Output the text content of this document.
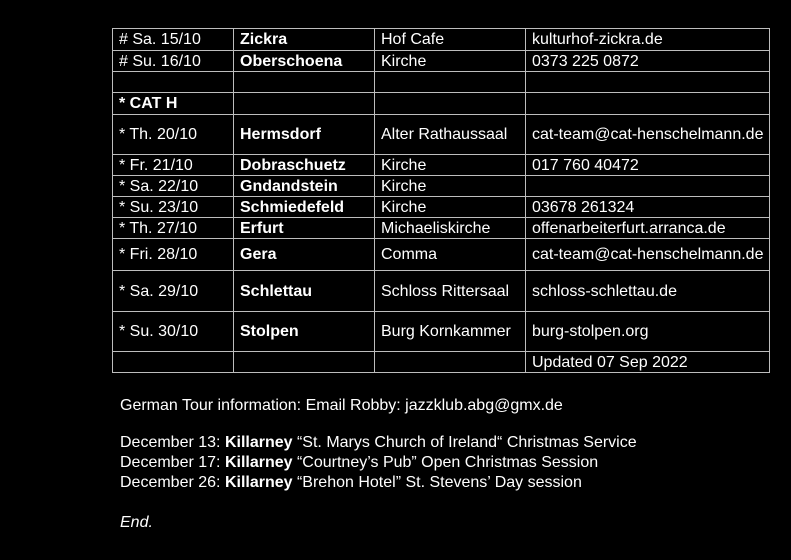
# Sa. 15/10	Zickra	Hof Cafe	kulturhof-zickra.de
# Su. 16/10	Oberschoena	Kirche	0373 225 0872

* CAT H			
* Th. 20/10	Hermsdorf	Alter Rathaussaal	cat-team@cat-henschelmann.de
* Fr. 21/10	Dobraschuetz	Kirche	017 760 40472
* Sa. 22/10	Gndandstein	Kirche	
* Su. 23/10	Schmiedefeld	Kirche	03678 261324
* Th. 27/10	Erfurt	Michaeliskirche	offenarbeiterfurt.arranca.de
* Fri. 28/10	Gera	Comma	cat-team@cat-henschelmann.de
* Sa. 29/10	Schlettau	Schloss Rittersaal	schloss-schlettau.de
* Su. 30/10	Stolpen	Burg Kornkammer	burg-stolpen.org
			Updated 07 Sep 2022
German Tour information: Email Robby: jazzklub.abg@gmx.de
December 13: Killarney “St. Marys Church of Ireland“ Christmas Service
December 17: Killarney “Courtney’s Pub” Open Christmas Session
December 26: Killarney “Brehon Hotel” St. Stevens’ Day session
End.
